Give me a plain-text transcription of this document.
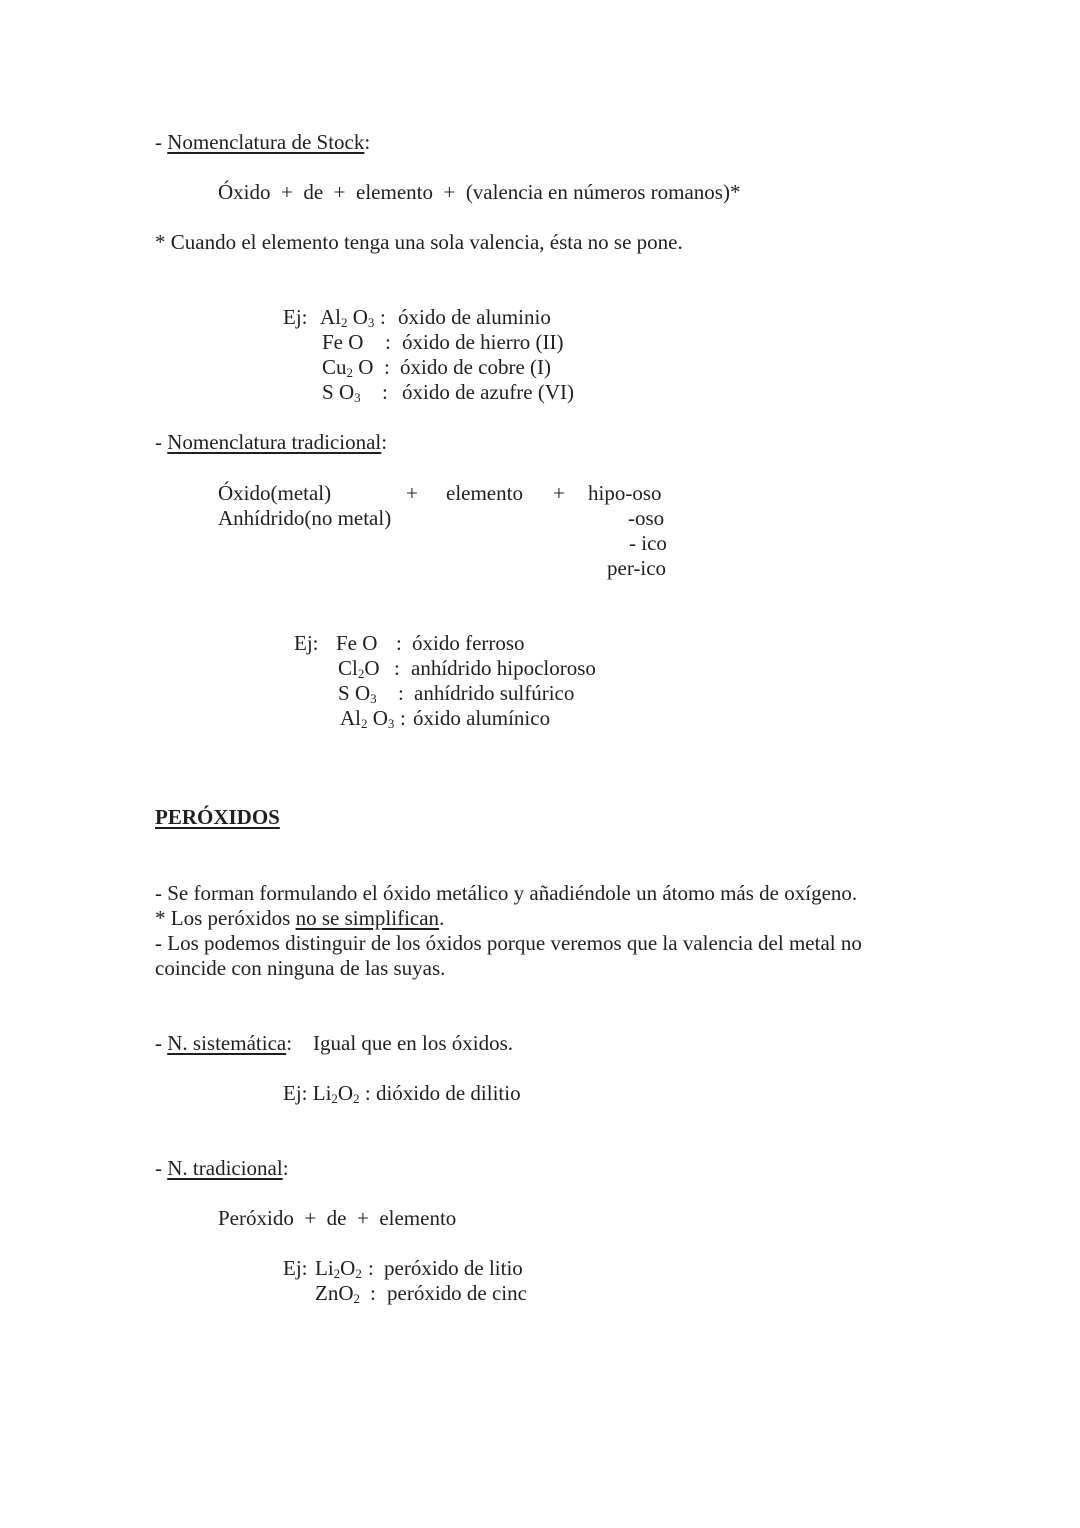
- Nomenclatura de Stock:
Óxido  +  de  +  elemento  +  (valencia en números romanos)*
* Cuando el elemento tenga una sola valencia, ésta no se pone.
Ej: $Al_2$ $O_3$ : óxido de aluminio
Fe O : óxido de hierro (II)
$Cu_2$ O : óxido de cobre (I)
S $O_3$ : óxido de azufre (VI)
- Nomenclatura tradicional:
Óxido(metal)
Anhídrido(no metal)
+ elemento + hipo-oso
-oso
- ico
per-ico
Ej: Fe O : óxido ferroso
$Cl_2O$ : anhídrido hipocloroso
S $O_3$ : anhídrido sulfúrico
$Al_2$ $O_3$ : óxido alumínico
PERÓXIDOS
- Se forman formulando el óxido metálico y añadiéndole un átomo más de oxígeno.
* Los peróxidos no se simplifican.
- Los podemos distinguir de los óxidos porque veremos que la valencia del metal no
coincide con ninguna de las suyas.
- N. sistemática: Igual que en los óxidos.
Ej: $Li_2O_2$ : dióxido de dilitio
- N. tradicional:
Peróxido  +  de  +  elemento
Ej: $Li_2O_2$ : peróxido de litio
ZnO$_2$ : peróxido de cinc
